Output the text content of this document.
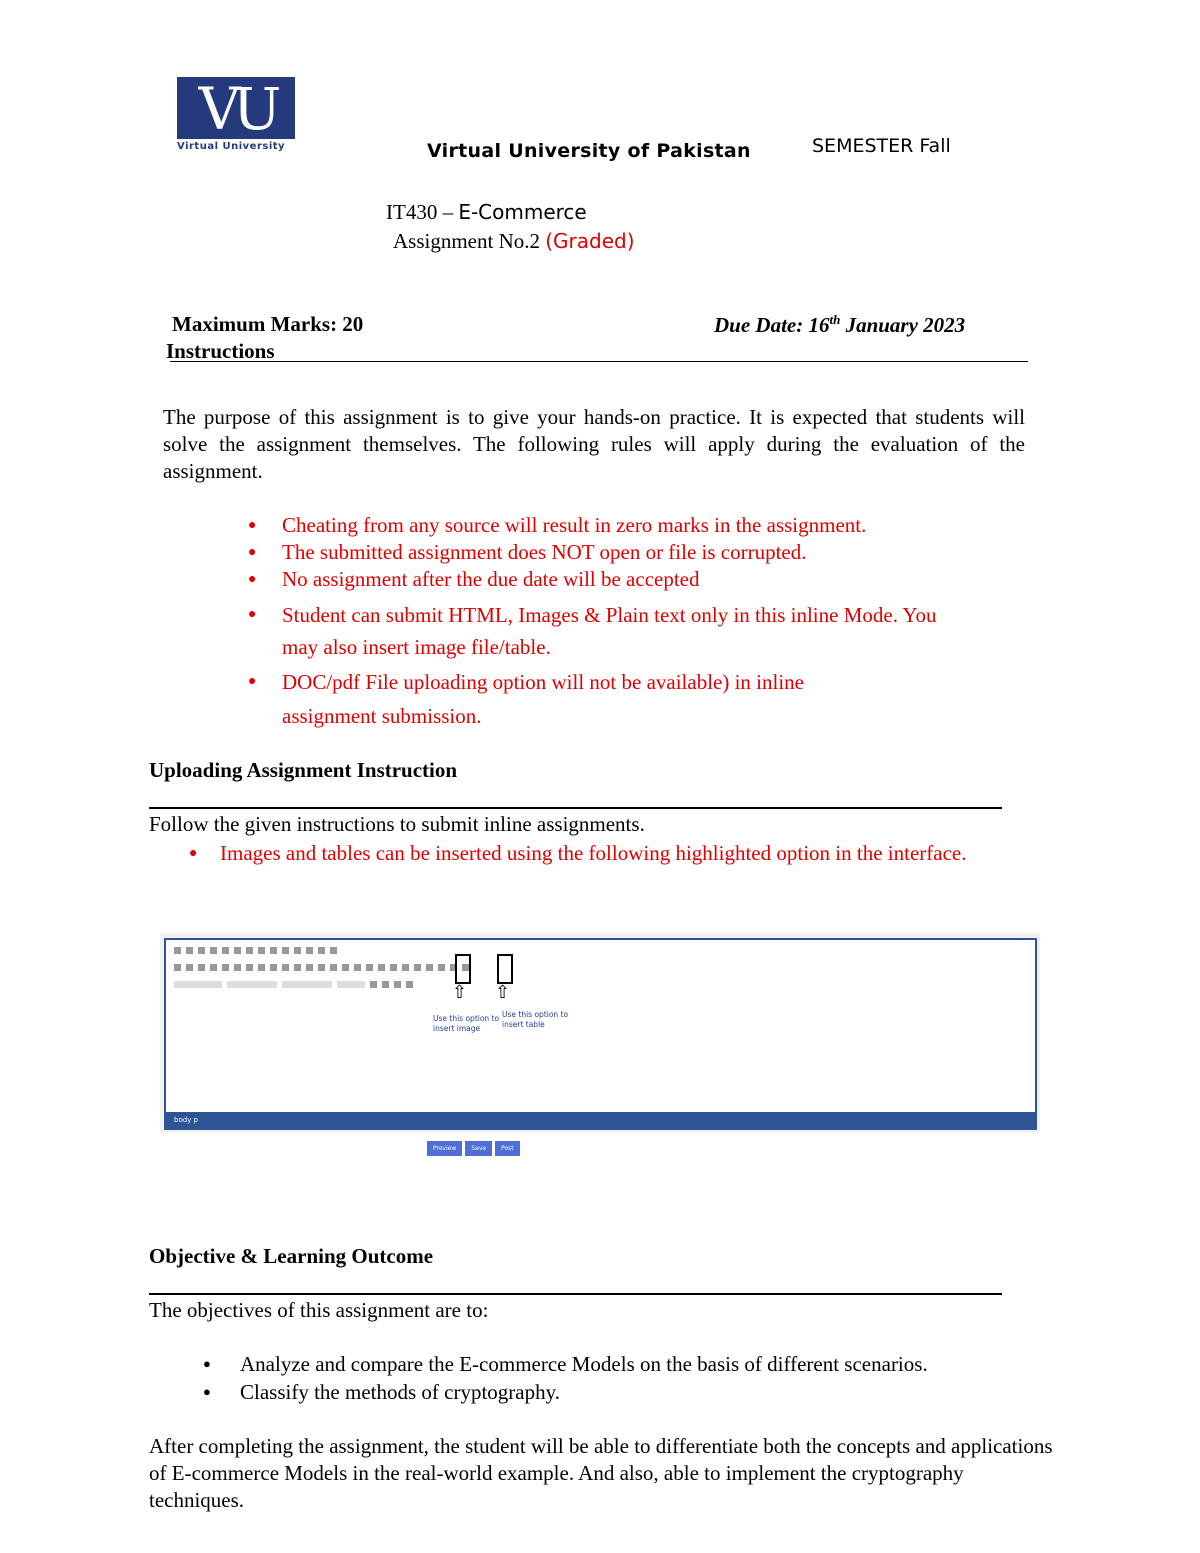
VU
Virtual University	Virtual University of Pakistan	SEMESTER Fall
IT430 – E-Commerce
Assignment No.2 (Graded)
Maximum Marks: 20	Due Date: 16th January 2023
Instructions
The purpose of this assignment is to give your hands-on practice. It is expected that students will solve the assignment themselves. The following rules will apply during the evaluation of the assignment.
● Cheating from any source will result in zero marks in the assignment.
● The submitted assignment does NOT open or file is corrupted.
● No assignment after the due date will be accepted
● Student can submit HTML, Images & Plain text only in this inline Mode. You may also insert image file/table.
● DOC/pdf File uploading option will not be available) in inline assignment submission.
Uploading Assignment Instruction
Follow the given instructions to submit inline assignments.
● Images and tables can be inserted using the following highlighted option in the interface.
⇧ ⇧
Use this option to insert image
Use this option to insert table
body p
Preview	Save	Post
Objective & Learning Outcome
The objectives of this assignment are to:
● Analyze and compare the E-commerce Models on the basis of different scenarios.
● Classify the methods of cryptography.
After completing the assignment, the student will be able to differentiate both the concepts and applications of E-commerce Models in the real-world example. And also, able to implement the cryptography techniques.
